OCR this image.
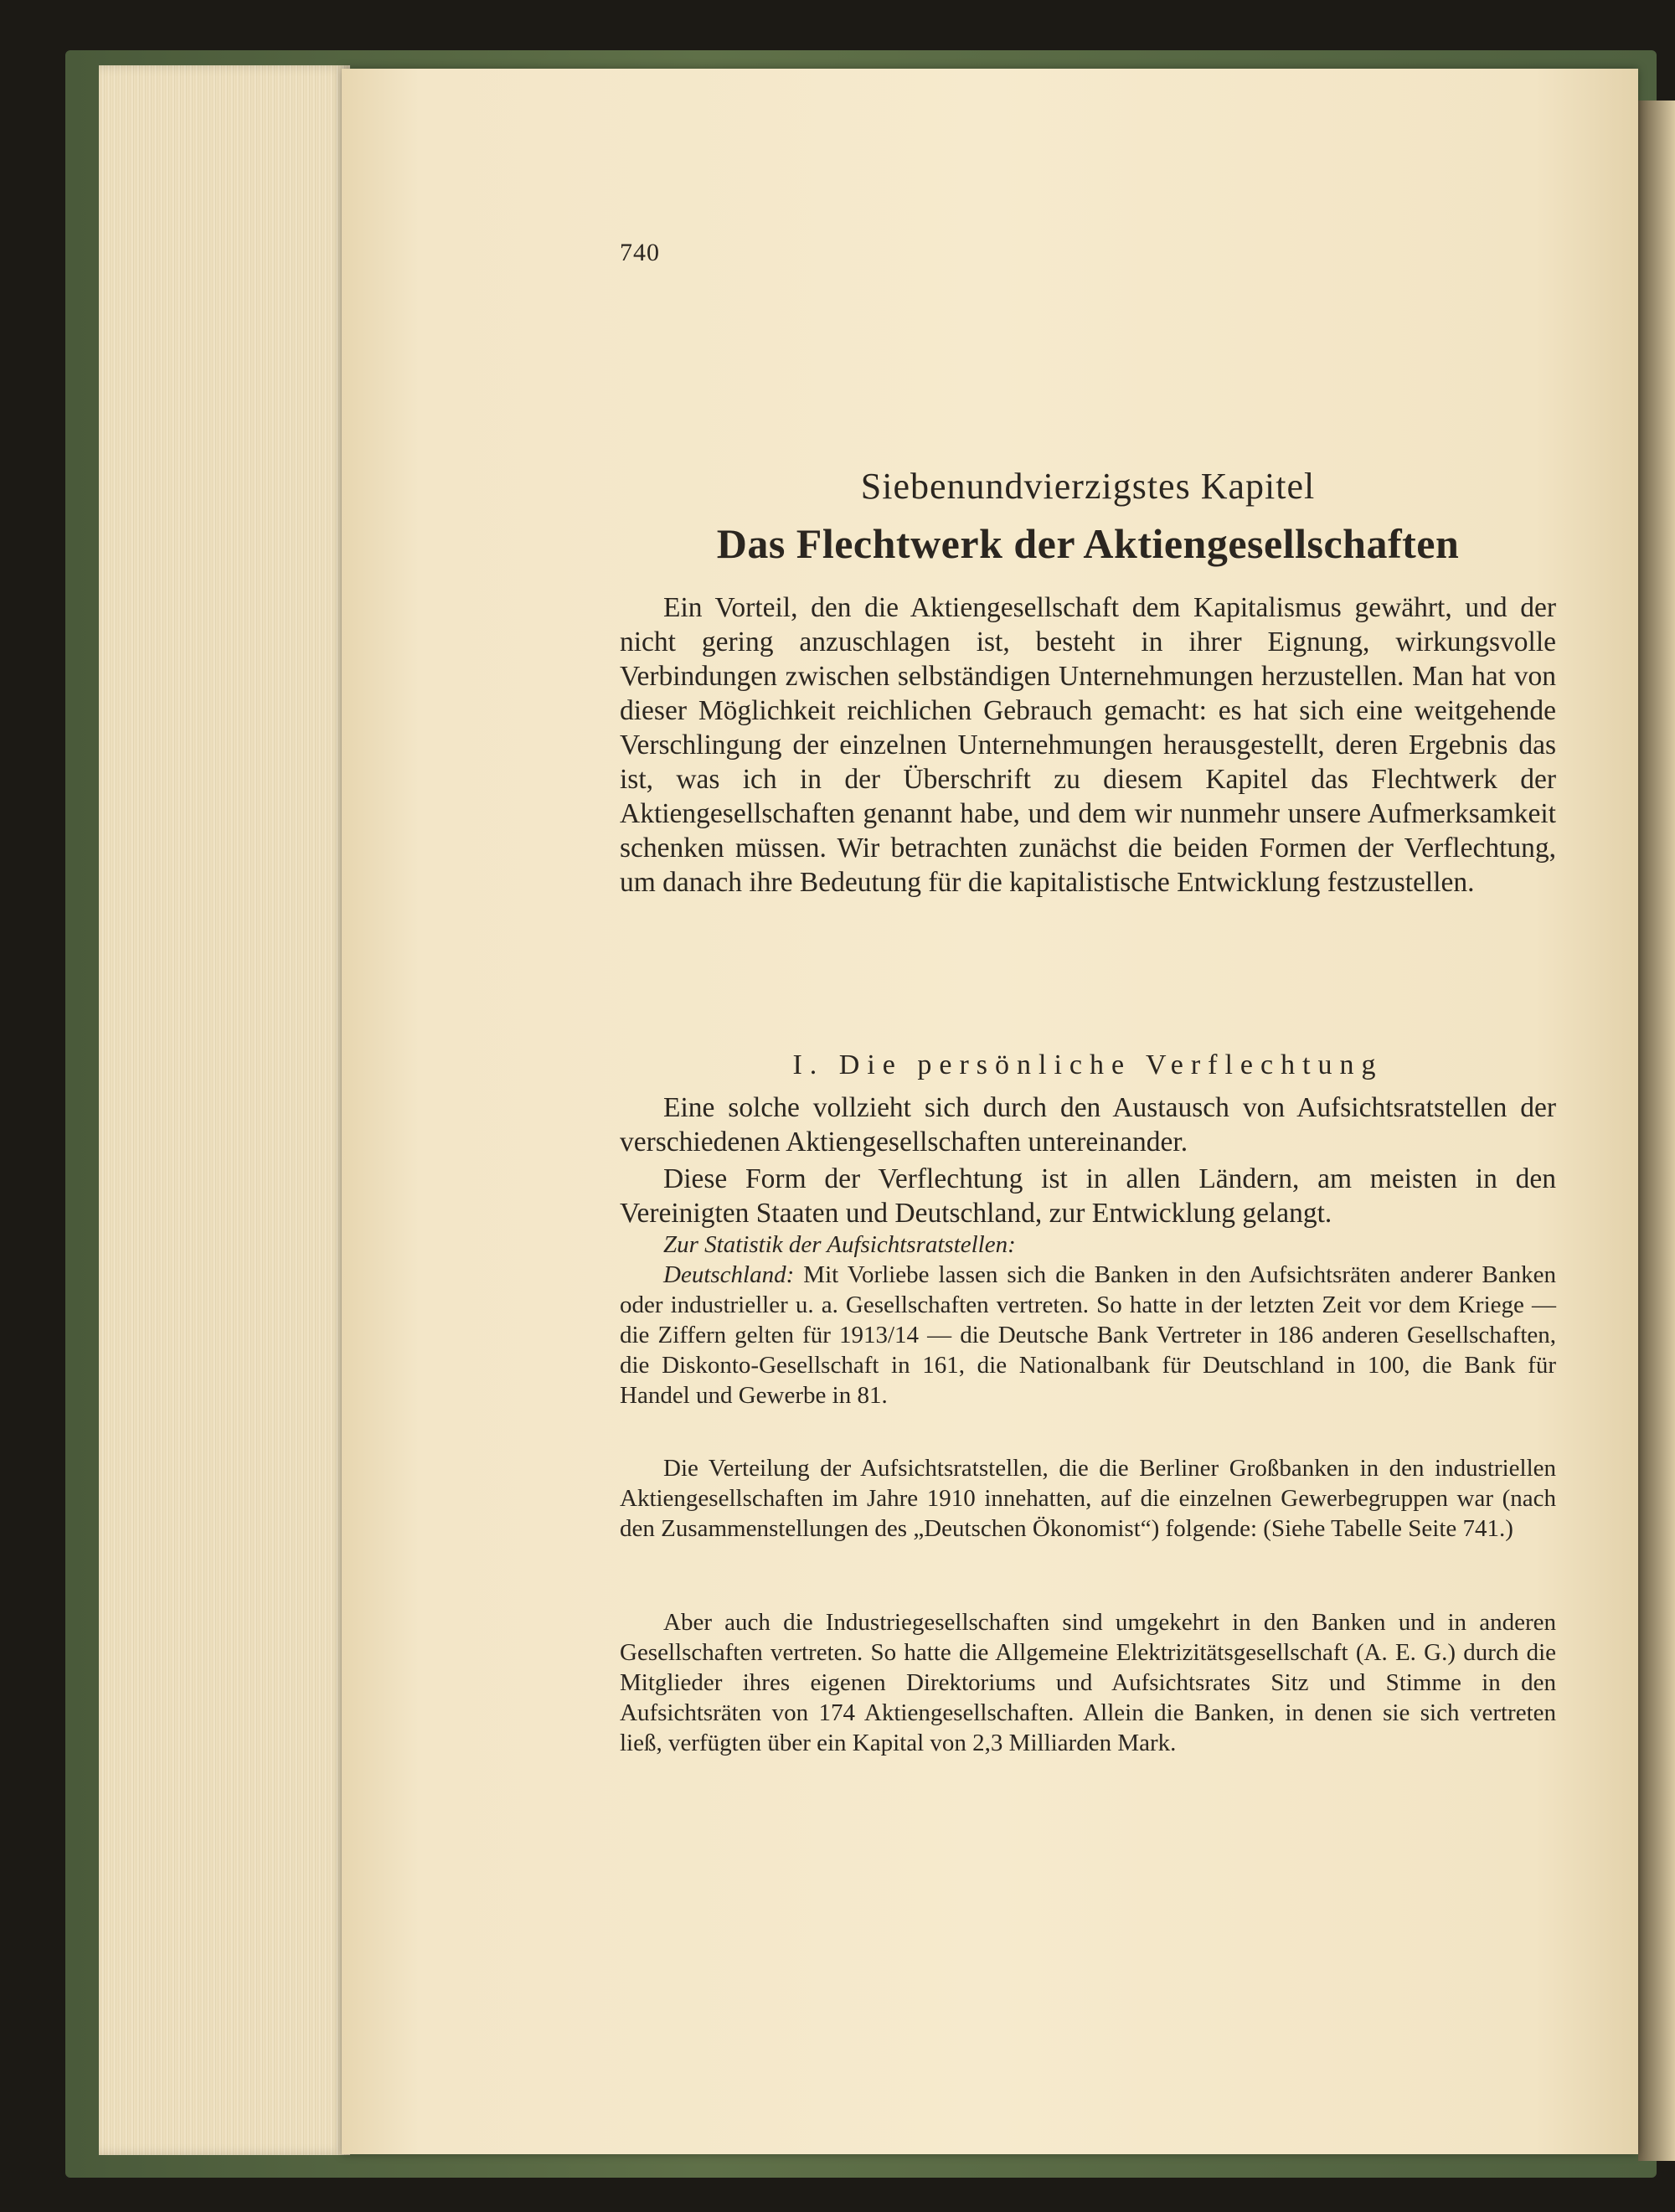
740
Siebenundvierzigstes Kapitel
Das Flechtwerk der Aktiengesellschaften

Ein Vorteil, den die Aktiengesellschaft dem Kapitalismus gewährt, und der nicht gering anzuschlagen ist, besteht in ihrer Eignung, wirkungsvolle Verbindungen zwischen selbständigen Unternehmungen herzustellen. Man hat von dieser Möglichkeit reichlichen Gebrauch gemacht: es hat sich eine weitgehende Verschlingung der einzelnen Unternehmungen herausgestellt, deren Ergebnis das ist, was ich in der Überschrift zu diesem Kapitel das Flechtwerk der Aktiengesellschaften genannt habe, und dem wir nunmehr unsere Aufmerksamkeit schenken müssen. Wir betrachten zunächst die beiden Formen der Verflechtung, um danach ihre Bedeutung für die kapitalistische Entwicklung festzustellen.

I. Die persönliche Verflechtung

Eine solche vollzieht sich durch den Austausch von Aufsichtsratstellen der verschiedenen Aktiengesellschaften untereinander.

Diese Form der Verflechtung ist in allen Ländern, am meisten in den Vereinigten Staaten und Deutschland, zur Entwicklung gelangt.

Zur Statistik der Aufsichtsratstellen:

Deutschland: Mit Vorliebe lassen sich die Banken in den Aufsichtsräten anderer Banken oder industrieller u. a. Gesellschaften vertreten. So hatte in der letzten Zeit vor dem Kriege — die Ziffern gelten für 1913/14 — die Deutsche Bank Vertreter in 186 anderen Gesellschaften, die Diskonto-Gesellschaft in 161, die Nationalbank für Deutschland in 100, die Bank für Handel und Gewerbe in 81.

Die Verteilung der Aufsichtsratstellen, die die Berliner Großbanken in den industriellen Aktiengesellschaften im Jahre 1910 innehatten, auf die einzelnen Gewerbegruppen war (nach den Zusammenstellungen des „Deutschen Ökonomist“) folgende: (Siehe Tabelle Seite 741.)

Aber auch die Industriegesellschaften sind umgekehrt in den Banken und in anderen Gesellschaften vertreten. So hatte die Allgemeine Elektrizitätsgesellschaft (A. E. G.) durch die Mitglieder ihres eigenen Direktoriums und Aufsichtsrates Sitz und Stimme in den Aufsichtsräten von 174 Aktiengesellschaften. Allein die Banken, in denen sie sich vertreten ließ, verfügten über ein Kapital von 2,3 Milliarden Mark.
